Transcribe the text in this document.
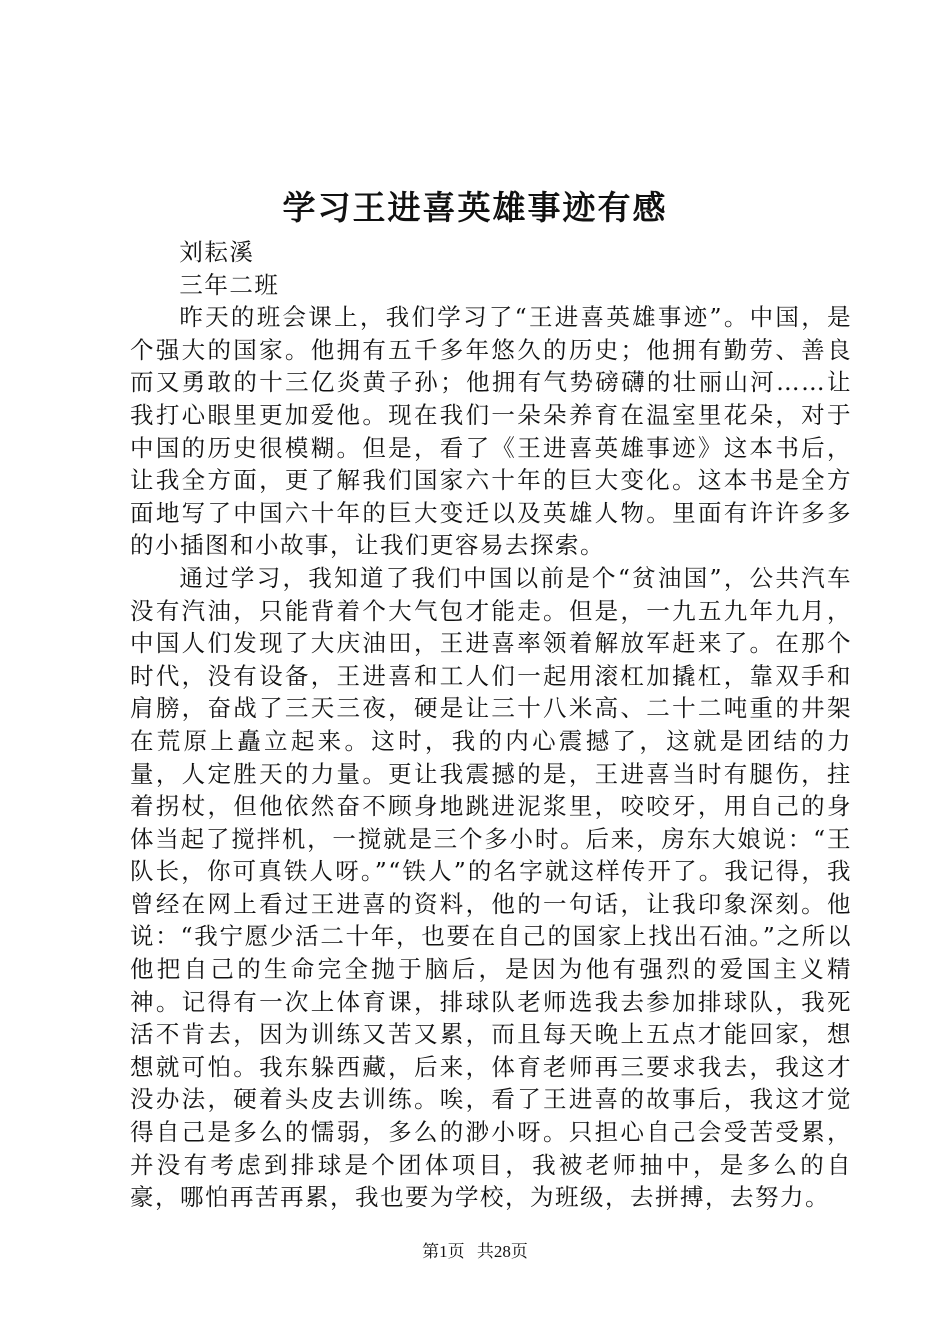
学习王进喜英雄事迹有感

刘耘溪

三年二班

昨天的班会课上，我们学习了“王进喜英雄事迹”。中国，是个强大的国家。他拥有五千多年悠久的历史；他拥有勤劳、善良而又勇敢的十三亿炎黄子孙；他拥有气势磅礴的壮丽山河……让我打心眼里更加爱他。现在我们一朵朵养育在温室里花朵，对于中国的历史很模糊。但是，看了《王进喜英雄事迹》这本书后，让我全方面，更了解我们国家六十年的巨大变化。这本书是全方面地写了中国六十年的巨大变迁以及英雄人物。里面有许许多多的小插图和小故事，让我们更容易去探索。

通过学习，我知道了我们中国以前是个“贫油国”，公共汽车没有汽油，只能背着个大气包才能走。但是，一九五九年九月，中国人们发现了大庆油田，王进喜率领着解放军赶来了。在那个时代，没有设备，王进喜和工人们一起用滚杠加撬杠，靠双手和肩膀，奋战了三天三夜，硬是让三十八米高、二十二吨重的井架在荒原上矗立起来。这时，我的内心震撼了，这就是团结的力量，人定胜天的力量。更让我震撼的是，王进喜当时有腿伤，拄着拐杖，但他依然奋不顾身地跳进泥浆里，咬咬牙，用自己的身体当起了搅拌机，一搅就是三个多小时。后来，房东大娘说：“王队长，你可真铁人呀。”“铁人”的名字就这样传开了。我记得，我曾经在网上看过王进喜的资料，他的一句话，让我印象深刻。他说：“我宁愿少活二十年，也要在自己的国家上找出石油。”之所以他把自己的生命完全抛于脑后，是因为他有强烈的爱国主义精神。记得有一次上体育课，排球队老师选我去参加排球队，我死活不肯去，因为训练又苦又累，而且每天晚上五点才能回家，想想就可怕。我东躲西藏，后来，体育老师再三要求我去，我这才没办法，硬着头皮去训练。唉，看了王进喜的故事后，我这才觉得自己是多么的懦弱，多么的渺小呀。只担心自己会受苦受累，并没有考虑到排球是个团体项目，我被老师抽中，是多么的自豪，哪怕再苦再累，我也要为学校，为班级，去拼搏，去努力。

第1页 共28页
